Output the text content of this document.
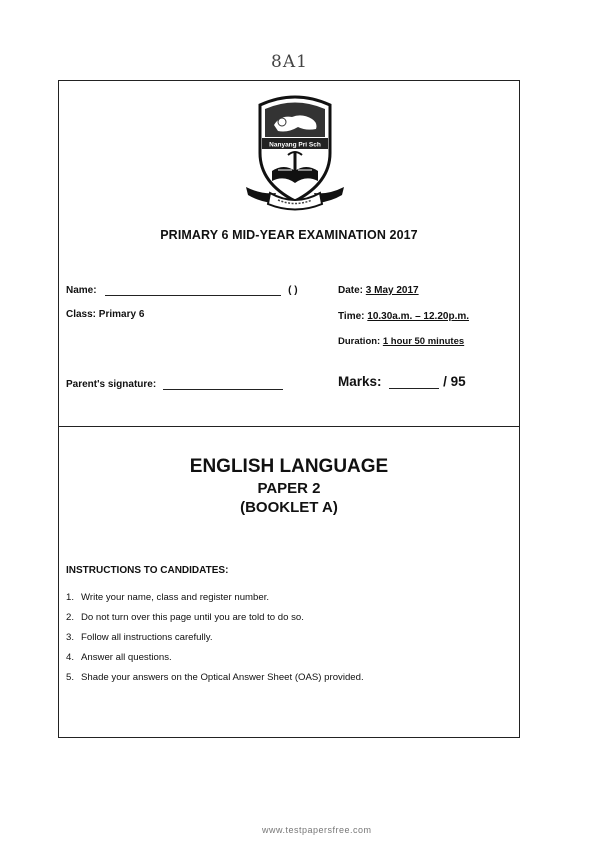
8A1
Nanyang Pri Sch
PRIMARY 6 MID-YEAR EXAMINATION 2017
Name:	( )
Class: Primary 6
Parent's signature:
Date: 3 May 2017
Time: 10.30a.m. – 12.20p.m.
Duration: 1 hour 50 minutes
Marks:	/ 95
ENGLISH LANGUAGE
PAPER 2
(BOOKLET A)
INSTRUCTIONS TO CANDIDATES:
1. Write your name, class and register number.
2. Do not turn over this page until you are told to do so.
3. Follow all instructions carefully.
4. Answer all questions.
5. Shade your answers on the Optical Answer Sheet (OAS) provided.
www.testpapersfree.com
